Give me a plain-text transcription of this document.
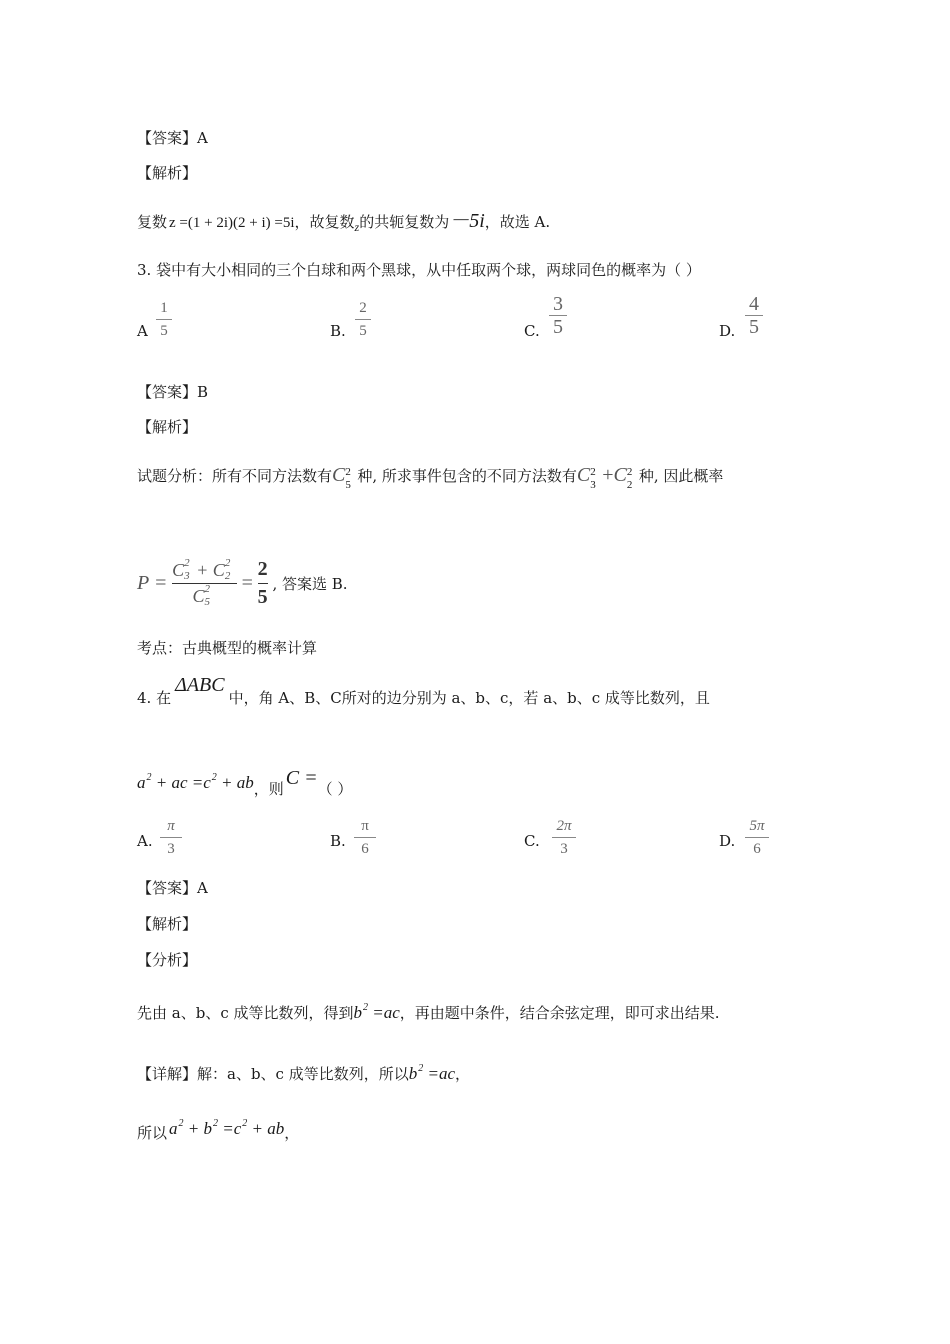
【答案】A
【解析】
复数 z =(1 + 2i)(2 + i) =5i，故复数$_z$的共轭复数为－5i，故选 A.
3. 袋中有大小相同的三个白球和两个黑球，从中任取两个球，两球同色的概率为（ ）
A
1
5	B.
2
5	C.
3
5	D.
4
5
【答案】B
【解析】
试题分析：所有不同方法数有C 2
5 种, 所求事件包含的不同方法数有C 2
3 +C 2
2 种, 因此概率
P = C 2
3 + C 2
2
C 2
$5 = \frac{2}{5}$ , 答案选 B.
考点：古典概型的概率计算
4. 在ΔABC中，角 A、B、C所对的边分别为 a、b、c，若 a、b、c 成等比数列，且
$a^2$ + ac $=c^2$ + ab，则 C =（ ）
A.
π
3	B.
π
6	C.
2π
3	D.
5π
6
【答案】A
【解析】
【分析】
先由 a、b、c 成等比数列，得到$b^2 =ac$，再由题中条件，结合余弦定理，即可求出结果.
【详解】解：a、b、c 成等比数列，所以$b^2 =ac$，
所以 $a^2 + b^2 =c^2$ + ab，
